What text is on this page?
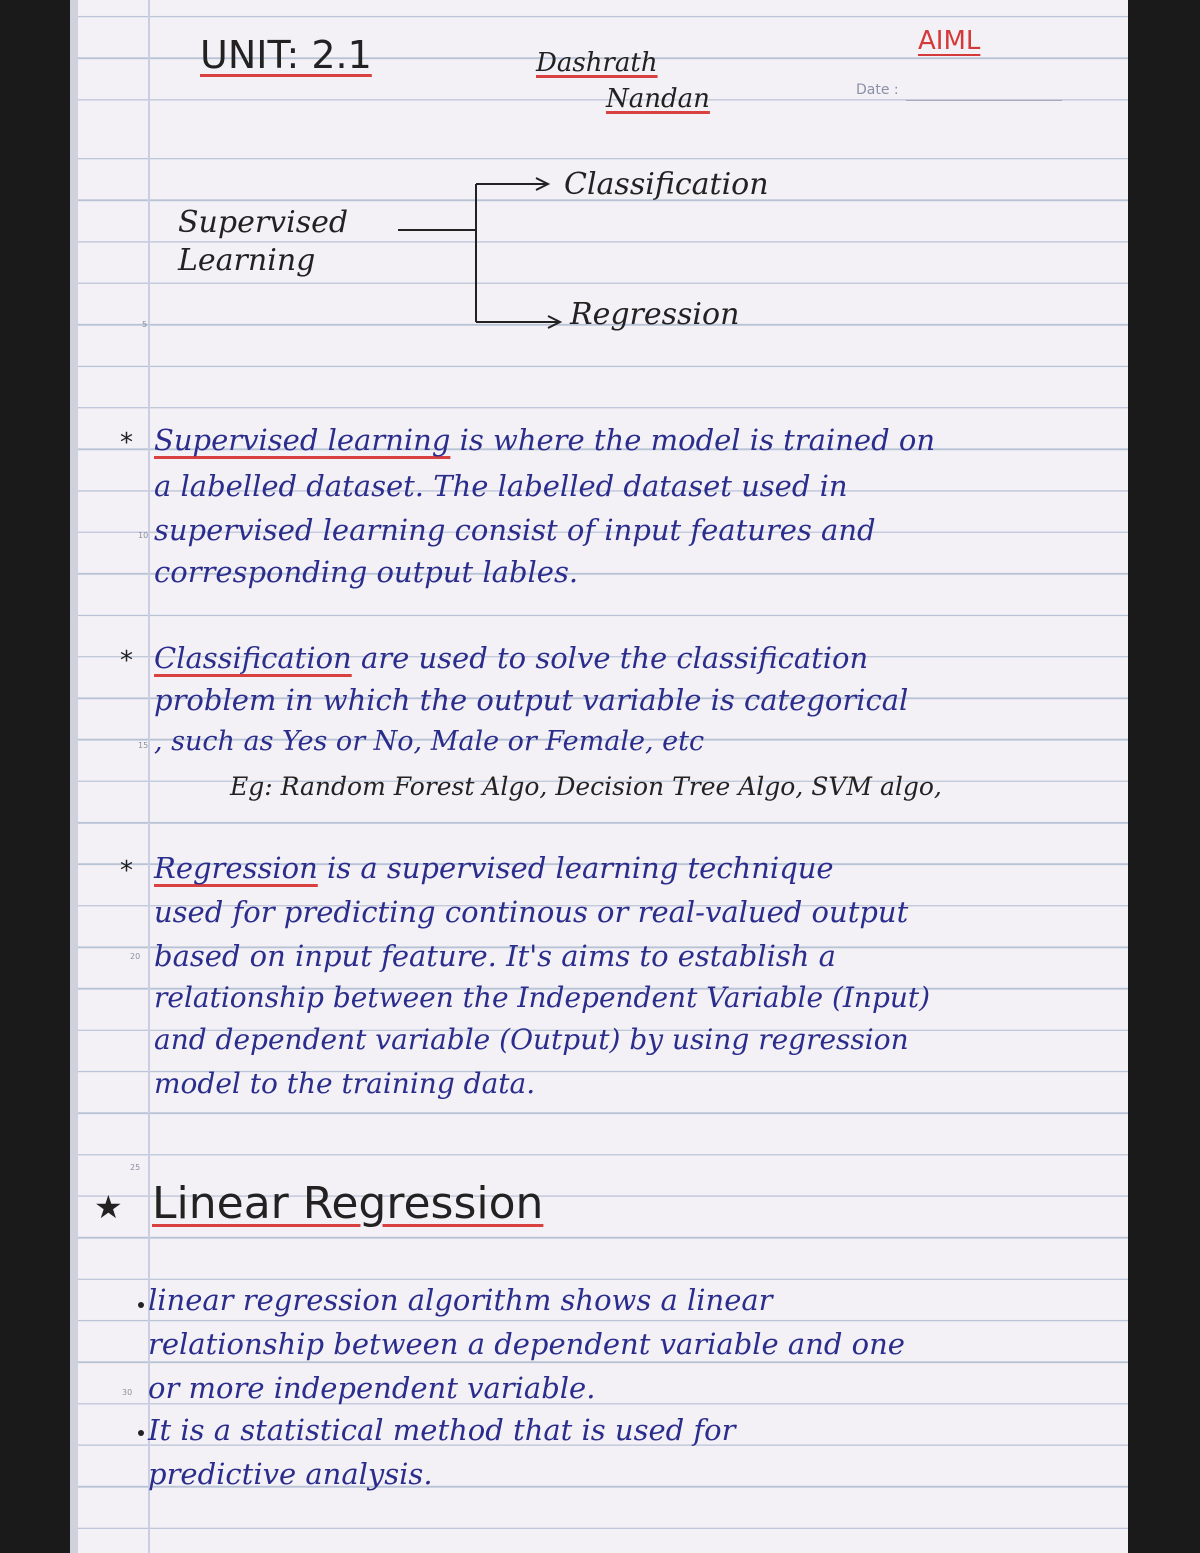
5
10
15
20
25
30
UNIT: 2.1	Dashrath
Nandan
AIML
Date :
Supervised Learning
Classification
Regression
* Supervised learning is where the model is trained on
a labelled dataset. The labelled dataset used in
supervised learning consist of input features and
corresponding output lables.
* Classification are used to solve the classification
problem in which the output variable is categorical
, such as Yes or No, Male or Female, etc
Eg: Random Forest Algo, Decision Tree Algo, SVM algo,
* Regression is a supervised learning technique
used for predicting continous or real-valued output
based on input feature. It's aims to establish a
relationship between the Independent Variable (Input)
and dependent variable (Output) by using regression
model to the training data.
★ Linear Regression
linear regression algorithm shows a linear
relationship between a dependent variable and one
or more independent variable.
It is a statistical method that is used for
predictive analysis.
